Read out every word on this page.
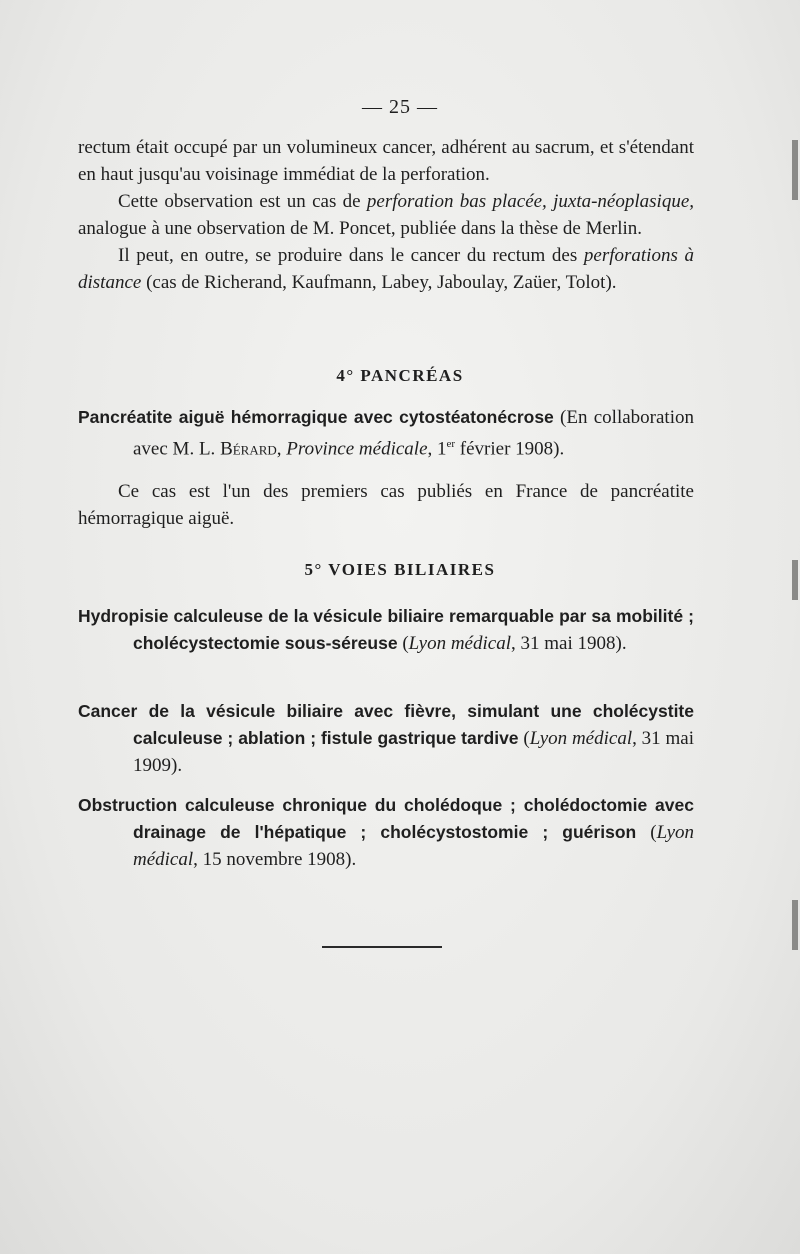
— 25 —

rectum était occupé par un volumineux cancer, adhérent au sacrum, et s'étendant en haut jusqu'au voisinage immédiat de la perforation.

Cette observation est un cas de perforation bas placée, juxta-néoplasique, analogue à une observation de M. Poncet, publiée dans la thèse de Merlin.

Il peut, en outre, se produire dans le cancer du rectum des perforations à distance (cas de Richerand, Kaufmann, Labey, Jaboulay, Zaüer, Tolot).

4° PANCRÉAS
Pancréatite aiguë hémorragique avec cytostéatonécrose (En collaboration avec M. L. Bérard, Province médicale, 1er février 1908).

Ce cas est l'un des premiers cas publiés en France de pancréatite hémorragique aiguë.

5° VOIES BILIAIRES
Hydropisie calculeuse de la vésicule biliaire remarquable par sa mobilité ; cholécystectomie sous-séreuse (Lyon médical, 31 mai 1908).
Cancer de la vésicule biliaire avec fièvre, simulant une cholécystite calculeuse ; ablation ; fistule gastrique tardive (Lyon médical, 31 mai 1909).
Obstruction calculeuse chronique du cholédoque ; cholédoctomie avec drainage de l'hépatique ; cholécystostomie ; guérison (Lyon médical, 15 novembre 1908).
